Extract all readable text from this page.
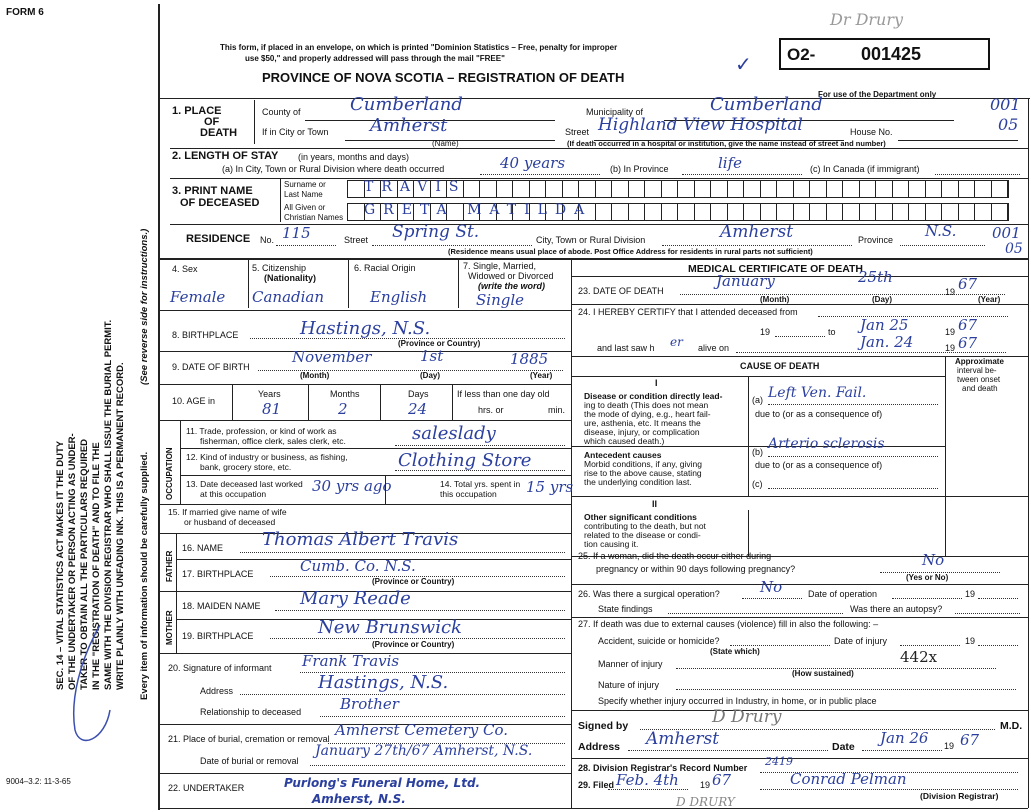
FORM 6
This form, if placed in an envelope, on which is printed "Dominion Statistics – Free, penalty for improper
use $50," and properly addressed will pass through the mail "FREE"
PROVINCE OF NOVA SCOTIA – REGISTRATION OF DEATH
O2-	001425
✓
Dr Drury
For use of the Department only
SEC. 14 – VITAL STATISTICS ACT MAKES IT THE DUTY OF THE UNDERTAKER OR PERSON ACTING AS UNDER- TAKER TO OBTAIN ALL THE PARTICULARS REQUIRED IN THE "REGISTRATION OF DEATH" AND TO FILE THE SAME WITH THE DIVISION REGISTRAR WHO SHALL ISSUE THE BURIAL PERMIT. WRITE PLAINLY WITH UNFADING INK. THIS IS A PERMANENT RECORD.
(See reverse side for instructions.)
Every item of information should be carefully supplied.
1. PLACE
OF
DEATH
County of	Cumberland	Municipality of	Cumberland	001
If in City or Town Amherst
(Name)
Street Highland View Hospital	House No.	05
(If death occurred in a hospital or institution, give the name instead of street and number)
2. LENGTH OF STAY (in years, months and days)
(a) In City, Town or Rural Division where death occurred	40 years	(b) In Province	life	(c) In Canada (if immigrant)
3. PRINT NAME
OF DECEASED
Surname or
Last Name
All Given or
Christian Names
TRAVIS
GRETA MATILDA
RESIDENCE No. 115	Street Spring St.	City, Town or Rural Division	Amherst	Province N.S. 001
05
(Residence means usual place of abode. Post Office Address for residents in rural parts not sufficient)
4. Sex
Female
5. Citizenship
(Nationality)
Canadian
6. Racial Origin
English
7. Single, Married,
Widowed or Divorced
(write the word)
Single
8. BIRTHPLACE	Hastings, N.S.
(Province or Country)
9. DATE OF BIRTH
November	1st	1885
(Month)	(Day)	(Year)
10. AGE in
Years
81
Months
2
Days
24
If less than one day old
hrs. or	min.
OCCUPATION
11. Trade, profession, or kind of work as
fisherman, office clerk, sales clerk, etc.	saleslady
12. Kind of industry or business, as fishing,
bank, grocery store, etc.	Clothing Store
13. Date deceased last worked
at this occupation	30 yrs ago	14. Total yrs. spent in
this occupation 15 yrs
15. If married give name of wife
or husband of deceased
FATHER
16. NAME Thomas Albert Travis
17. BIRTHPLACE	Cumb. Co. N.S.
(Province or Country)
MOTHER
18. MAIDEN NAME Mary Reade
19. BIRTHPLACE	New Brunswick
(Province or Country)
20. Signature of informant Frank Travis
Address	Hastings, N.S.
Relationship to deceased	Brother
21. Place of burial, cremation or removal Amherst Cemetery Co.
Date of burial or removal
January 27th/67 Amherst, N.S.
22. UNDERTAKER	Purlong's Funeral Home, Ltd.
Amherst, N.S.
9004–3.2: 11-3-65
MEDICAL CERTIFICATE OF DEATH
23. DATE OF DEATH
January	25th
19 67
(Month)	(Day)	(Year)
24. I HEREBY CERTIFY that I attended deceased from
19	to Jan 25	19 67
and last saw h er alive on	Jan. 24	19 67
CAUSE OF DEATH	Approximate
interval be-
tween onset
and death
I
Disease or condition directly lead-
ing to death (This does not mean
the mode of dying, e.g., heart fail-
ure, asthenia, etc. It means the
disease, injury, or complication
which caused death.)
(a) Left Ven. Fail.
due to (or as a consequence of)
Antecedent causes
Morbid conditions, if any, giving
rise to the above cause, stating
the underlying condition last.
(b) Arterio sclerosis
due to (or as a consequence of)
(c)
II
Other significant conditions
contributing to the death, but not
related to the disease or condi-
tion causing it.
25. If a woman, did the death occur either during
pregnancy or within 90 days following pregnancy?	No
(Yes or No)
26. Was there a surgical operation?	No	Date of operation	19
State findings	Was there an autopsy?
27. If death was due to external causes (violence) fill in also the following: –
Accident, suicide or homicide?	Date of injury	19
(State which)
Manner of injury	442x
(How sustained)
Nature of injury
Specify whether injury occurred in Industry, in home, or in public place
Signed by	D Drury	M.D.
Address Amherst	Date Jan 26 19 67
28. Division Registrar's Record Number 2419
29. Filed Feb. 4th 19 67	Conrad Pelman
(Division Registrar)
D DRURY
